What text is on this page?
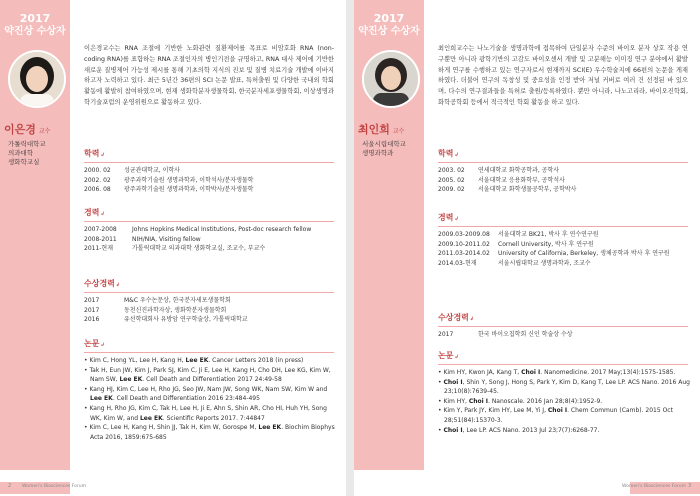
2017
약진상 수상자
이은경 교수
가톨릭대학교
의과대학
생화학교실
이은경교수는 RNA 조절에 기반한 노화관련 질환제어를 목표로 비암호화 RNA (non-coding RNA)를 표함하는 RNA 조절인자의 병인기전을 규명하고, RNA 대사 제어에 기반한 새로운 질병제어 가능성 제시를 통해 기초의학 지식의 진보 및 질병 치료기술 개발에 이바지 하고자 노력하고 있다. 최근 5년간 36편의 SCI 논문 발표, 특허출원 및 다양한 국내외 학회 활동에 활발히 참여하였으며, 현재 생화학분자생물학회, 한국분자세포생물학회, 이상생명과학기술포럼의 운영위원으로 활동하고 있다.
학력↲
2000. 02	성균관대학교, 이학사
2002. 02	광주과학기술원 생명과학과, 이학석사/분자생물학
2006. 08	광주과학기술원 생명과학과, 이학박사/분자생물학
경력↲
2007-2008	Johns Hopkins Medical Institutions, Post-doc research fellow
2008-2011	NIH/NIA, Visiting fellow
2011-현재	가톨릭대학교 의과대학 생화학교실, 조교수, 부교수
수상경력↲
2017	M&C 우수논문상, 한국분자세포생물학회
2017	동천신진과학자상, 생화학분자생물학회
2016	유선학대회사 유방암 연구학술상, 가톨릭대학교
논문↲
• Kim C, Hong YL, Lee H, Kang H, Lee EK. Cancer Letters 2018 (in press)
• Tak H, Eun JW, Kim J, Park SJ, Kim C, Ji E, Lee H, Kang H, Cho DH, Lee KG, Kim W, Nam SW, Lee EK. Cell Death and Differentiation 2017 24:49-58
• Kang HJ, Kim C, Lee H, Rho JG, Seo JW, Nam JW, Song WK, Nam SW, Kim W and Lee EK. Cell Death and Differentiation 2016 23:484-495
• Kang H, Rho JG, Kim C, Tak H, Lee H, Ji E, Ahn S, Shin AR, Cho HI, Huh YH, Song WK, Kim W, and Lee EK. Scientific Reports 2017. 7:44847
• Kim C, Lee H, Kang H, Shin JJ, Tak H, Kim W, Gorospe M, Lee EK. Biochim Biophys Acta 2016, 1859:675-685
2 Women's Biosciences Forum
2017
약진상 수상자
최인희 교수
서울시립대학교
생명과학과
최인희교수는 나노기술을 생명과학에 접목하여 단일분자 수준의 바이오 분자 상호 작용 연구뿐만 아니라 광학기반의 고감도 바이오센서 개발 및 고분해능 이미징 연구 분야에서 활발하게 연구를 수행하고 있는 연구자로서 현재까지 SCI(E) 우수학술지에 66편의 논문을 게재하였다. 더불어 연구의 독창성 및 중요성을 인정 받아 저널 커버로 여러 건 선정된 바 있으며, 다수의 연구결과들을 특허로 출원/등록하였다. 뿐만 아니라, 나노고리라, 바이오진학회, 화학공학회 등에서 적극적인 학회 활동을 하고 있다.
학력↲
2003. 02	연세대학교 화학공학과, 공학사
2005. 02	서울대학교 응용화학부, 공학석사
2009. 02	서울대학교 화학생물공학부, 공학박사
경력↲
2009.03-2009.08	서울대학교 BK21, 박사 후 연수연구원
2009.10-2011.02	Cornell University, 박사 후 연구원
2011.03-2014.02	University of California, Berkeley, 생체공학과 박사 후 연구원
2014.03-현재	서울시립대학교 생명과학과, 조교수
수상경력↲
2017	한국 바이오칩학회 신인 학술상 수상
논문↲
• Kim HY, Kwon JA, Kang T, Choi I. Nanomedicine. 2017 May;13(4):1575-1585.
• Choi I, Shin Y, Song J, Hong S, Park Y, Kim D, Kang T, Lee LP. ACS Nano. 2016 Aug 23;10(8):7639-45.
• Kim HY, Choi I. Nanoscale. 2016 Jan 28;8(4):1952-9.
• Kim Y, Park JY, Kim HY, Lee M, Yi J, Choi I. Chem Commun (Camb). 2015 Oct 28;51(84):15370-3.
• Choi I, Lee LP. ACS Nano. 2013 Jul 23;7(7):6268-77.
Women's Biosciences Forum 3
